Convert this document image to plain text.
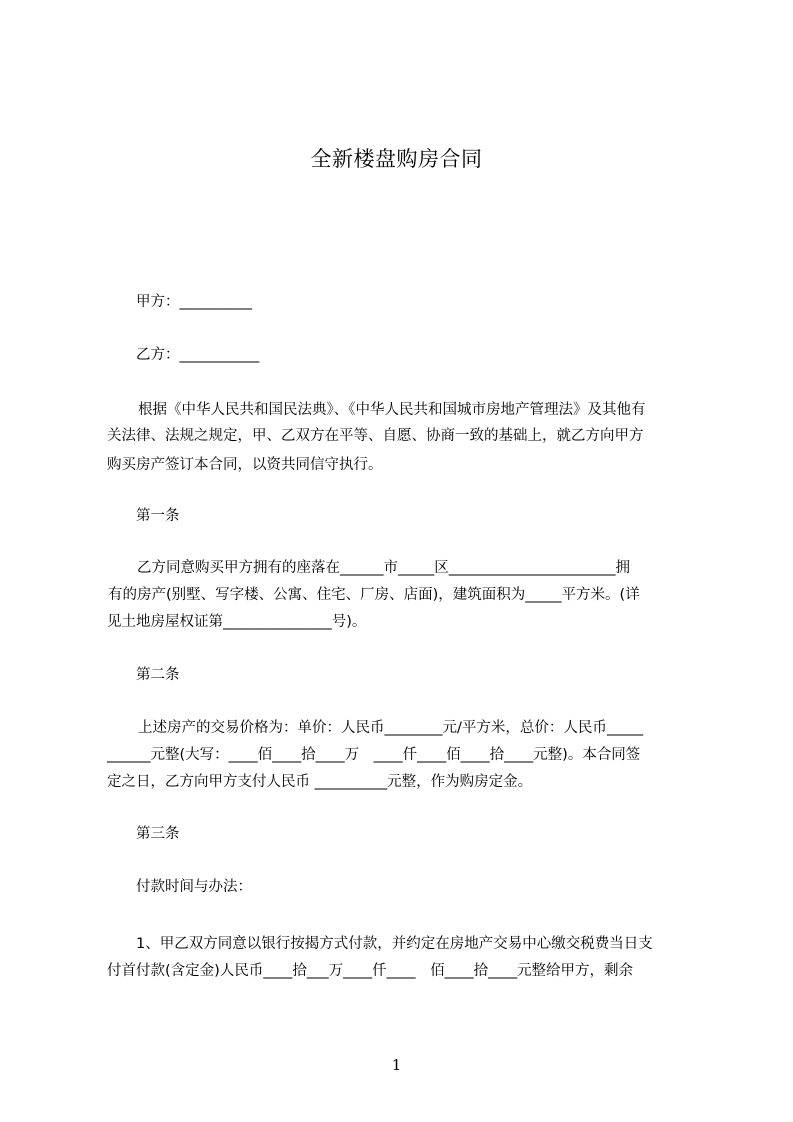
全新楼盘购房合同
甲方：__________
乙方：___________
根据《中华人民共和国民法典》、《中华人民共和国城市房地产管理法》及其他有
关法律、法规之规定，甲、乙双方在平等、自愿、协商一致的基础上，就乙方向甲方
购买房产签订本合同，以资共同信守执行。
第一条
乙方同意购买甲方拥有的座落在______市_____区_______________________拥
有的房产(别墅、写字楼、公寓、住宅、厂房、店面)，建筑面积为_____平方米。(详
见土地房屋权证第_______________号)。
第二条
上述房产的交易价格为：单价：人民币________元/平方米，总价：人民币_____
______元整(大写：____佰____拾____万　____仟____佰____拾____元整)。本合同签
定之日，乙方向甲方支付人民币 __________元整，作为购房定金。
第三条
付款时间与办法：
1、甲乙双方同意以银行按揭方式付款，并约定在房地产交易中心缴交税费当日支
付首付款(含定金)人民币____拾___万____仟____　佰____拾____元整给甲方，剩余
1
